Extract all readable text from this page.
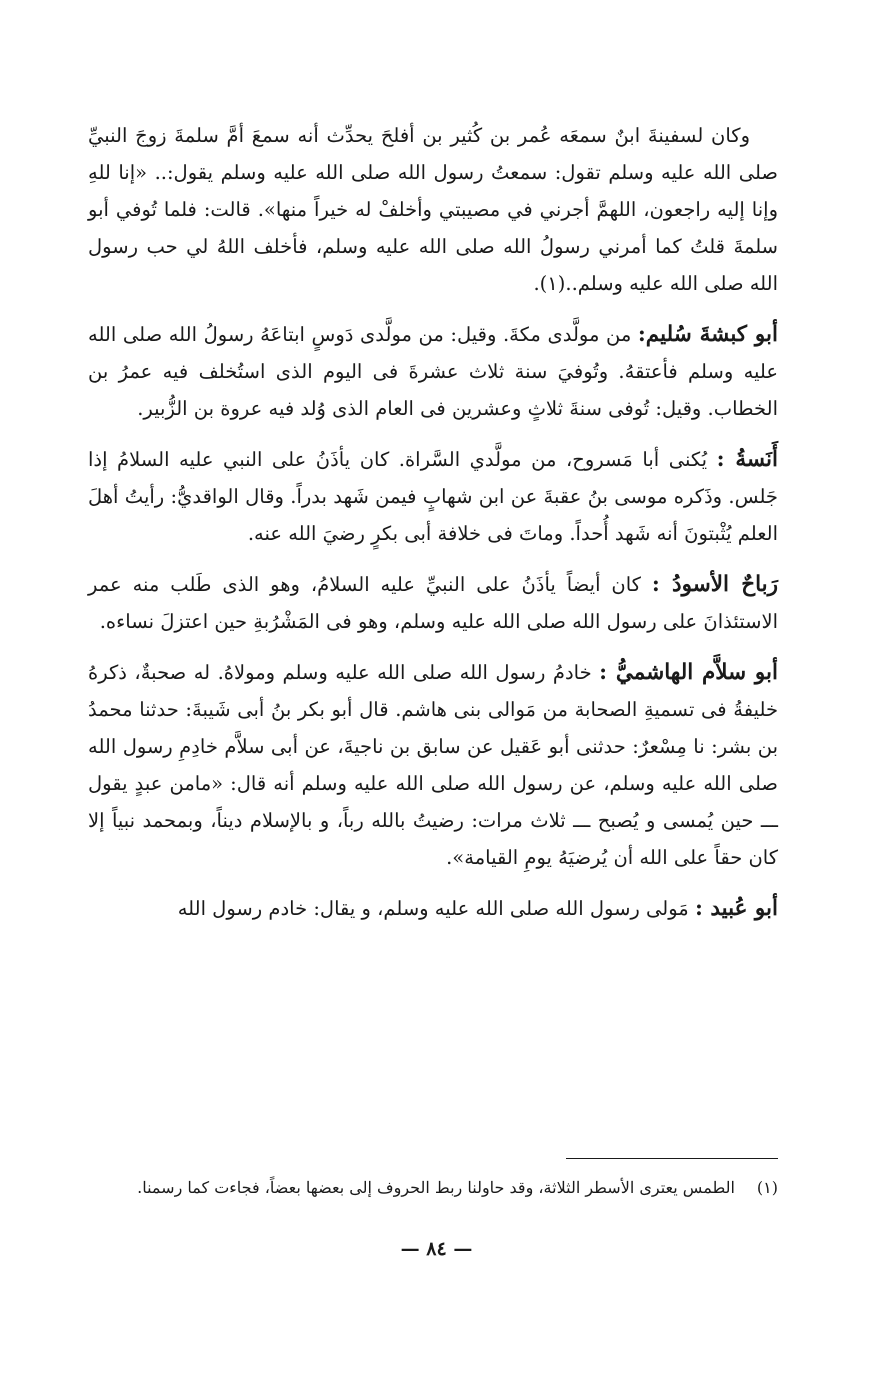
وكان لسفينةَ ابنٌ سمعَه عُمر بن كُثير بن أفلحَ يحدِّث أنه سمعَ أمَّ سلمةَ زوجَ النبيِّ صلى الله عليه وسلم تقول: سمعتُ رسول الله صلى الله عليه وسلم يقول:.. «إنا للهِ وإنا إليه راجعون، اللهمَّ أجرني في مصيبتي وأخلفْ له خيراً منها». قالت: فلما تُوفي أبو سلمةَ قلتُ كما أمرني رسولُ الله صلى الله عليه وسلم، فأخلف اللهُ لي حب رسول الله صلى الله عليه وسلم..(١).

أبو كبشةَ سُليم: من مولَّدى مكةَ. وقيل: من مولَّدى دَوسٍ ابتاعَهُ رسولُ الله صلى الله عليه وسلم فأعتقهُ. وتُوفيَ سنة ثلاث عشرةَ فى اليوم الذى استُخلف فيه عمرُ بن الخطاب. وقيل: تُوفى سنةَ ثلاثٍ وعشرين فى العام الذى وُلد فيه عروة بن الزُّبير.

أَنَسةُ : يُكنى أبا مَسروح، من مولَّدي السَّراة. كان يأذَنُ على النبي عليه السلامُ إذا جَلس. وذَكره موسى بنُ عقبةَ عن ابن شهابٍ فيمن شَهد بدراً. وقال الواقديُّ: رأيتُ أهلَ العلم يُثْبتونَ أنه شَهد أُحداً. وماتَ فى خلافة أبى بكرٍ رضيَ الله عنه.

رَباحٌ الأسودُ : كان أيضاً يأذَنُ على النبيِّ عليه السلامُ، وهو الذى طَلب منه عمر الاستئذانَ على رسول الله صلى الله عليه وسلم، وهو فى المَشْرُبةِ حين اعتزلَ نساءه.

أبو سلاَّم الهاشميُّ : خادمُ رسول الله صلى الله عليه وسلم ومولاهُ. له صحبةٌ، ذكرهُ خليفةُ فى تسميةِ الصحابة من مَوالى بنى هاشم. قال أبو بكر بنُ أبى شَيبةَ: حدثنا محمدُ بن بشر: نا مِسْعرٌ: حدثنى أبو عَقيل عن سابق بن ناجيةَ، عن أبى سلاَّم خادِمِ رسول الله صلى الله عليه وسلم، عن رسول الله صلى الله عليه وسلم أنه قال: «مامن عبدٍ يقول ـــ حين يُمسى و يُصبح ـــ ثلاث مرات: رضيتُ بالله رباً، و بالإسلام ديناً، وبمحمد نبياً إلا كان حقاً على الله أن يُرضيَهُ يومِ القيامة».

أبو عُبيد : مَولى رسول الله صلى الله عليه وسلم، و يقال: خادم رسول الله

(١)الطمس يعترى الأسطر الثلاثة، وقد حاولنا ربط الحروف إلى بعضها بعضاً، فجاءت كما رسمنا.
— ٨٤ —
